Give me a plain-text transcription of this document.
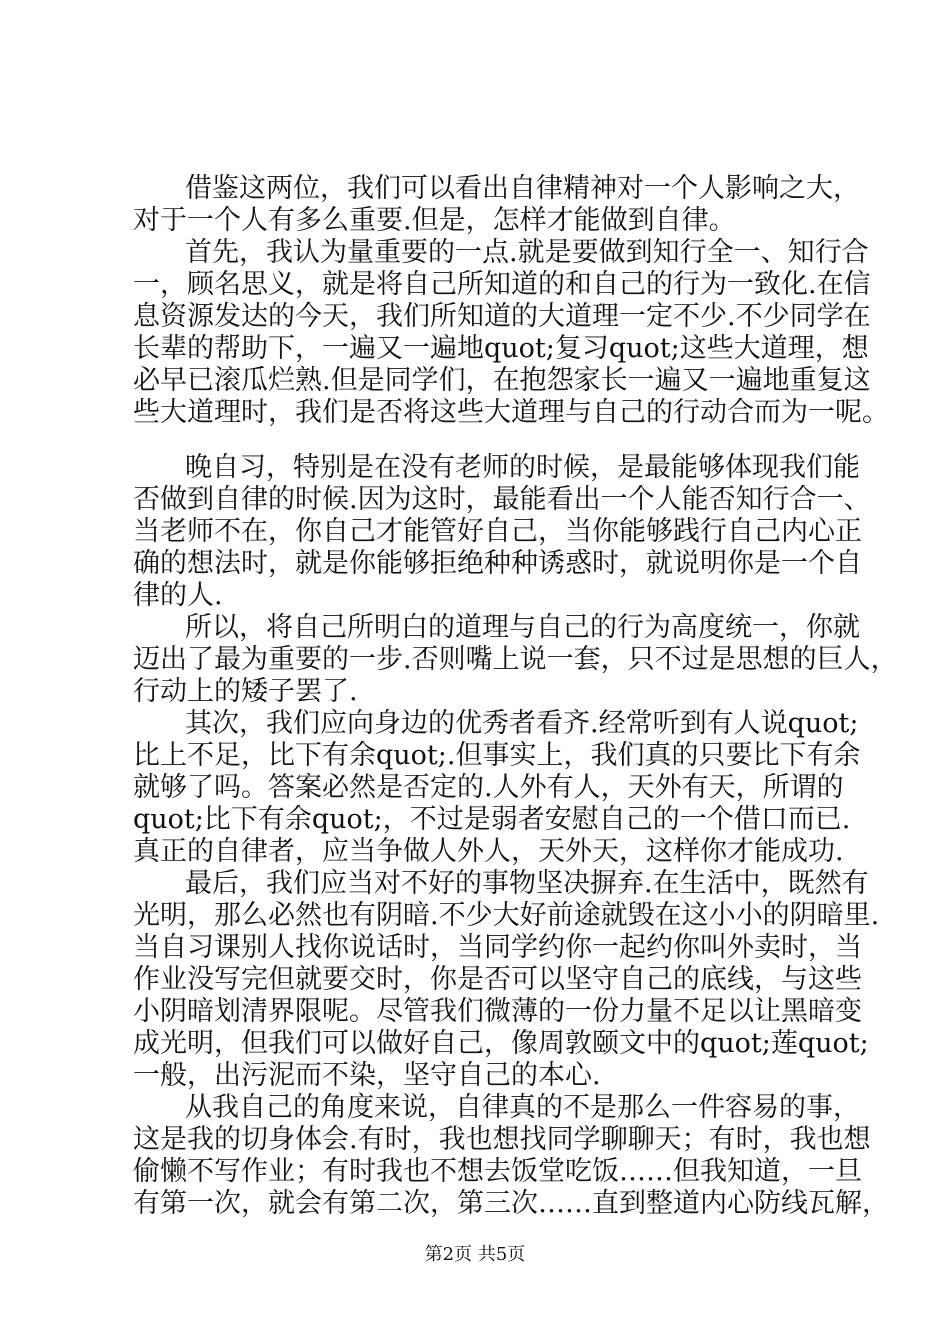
借鉴这两位，我们可以看出自律精神对一个人影响之大，
对于一个人有多么重要.但是，怎样才能做到自律。
首先，我认为量重要的一点.就是要做到知行全一、知行合
一，顾名思义，就是将自己所知道的和自己的行为一致化.在信
息资源发达的今天，我们所知道的大道理一定不少.不少同学在
长辈的帮助下，一遍又一遍地quot;复习quot;这些大道理，想
必早已滚瓜烂熟.但是同学们，在抱怨家长一遍又一遍地重复这
些大道理时，我们是否将这些大道理与自己的行动合而为一呢。
晚自习，特别是在没有老师的时候，是最能够体现我们能
否做到自律的时候.因为这时，最能看出一个人能否知行合一、
当老师不在，你自己才能管好自己，当你能够践行自己内心正
确的想法时，就是你能够拒绝种种诱惑时，就说明你是一个自
律的人.
所以，将自己所明白的道理与自己的行为高度统一，你就
迈出了最为重要的一步.否则嘴上说一套，只不过是思想的巨人，
行动上的矮子罢了.
其次，我们应向身边的优秀者看齐.经常听到有人说quot;
比上不足，比下有余quot;.但事实上，我们真的只要比下有余
就够了吗。答案必然是否定的.人外有人，天外有天，所谓的
quot;比下有余quot;，不过是弱者安慰自己的一个借口而已.
真正的自律者，应当争做人外人，天外天，这样你才能成功.
最后，我们应当对不好的事物坚决摒弃.在生活中，既然有
光明，那么必然也有阴暗.不少大好前途就毁在这小小的阴暗里.
当自习课别人找你说话时，当同学约你一起约你叫外卖时，当
作业没写完但就要交时，你是否可以坚守自己的底线，与这些
小阴暗划清界限呢。尽管我们微薄的一份力量不足以让黑暗变
成光明，但我们可以做好自己，像周敦颐文中的quot;莲quot;
一般，出污泥而不染，坚守自己的本心.
从我自己的角度来说，自律真的不是那么一件容易的事，
这是我的切身体会.有时，我也想找同学聊聊天；有时，我也想
偷懒不写作业；有时我也不想去饭堂吃饭……但我知道，一旦
有第一次，就会有第二次，第三次……直到整道内心防线瓦解，
第2页 共5页
